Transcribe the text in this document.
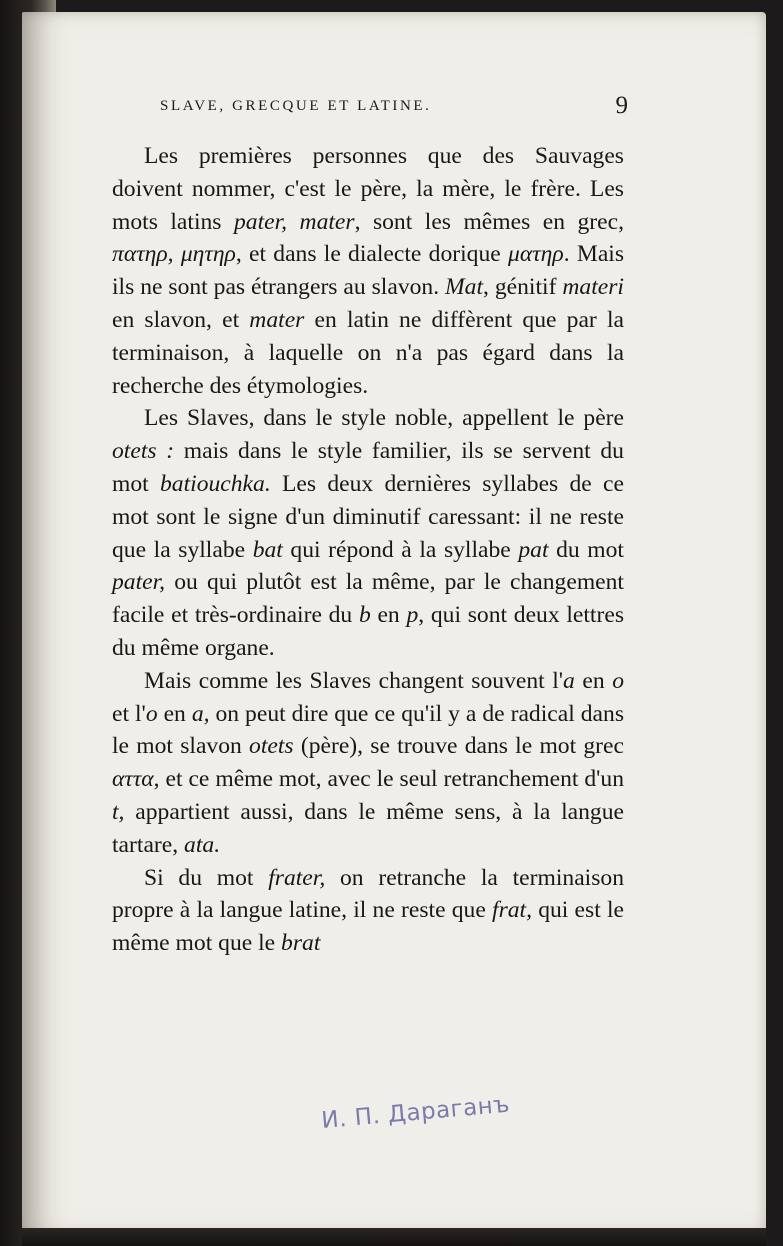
SLAVE, GRECQUE ET LATINE.	9

Les premières personnes que des Sauvages doivent nommer, c'est le père, la mère, le frère. Les mots latins pater, mater, sont les mêmes en grec, πατηρ, μητηρ, et dans le dialecte dorique ματηρ. Mais ils ne sont pas étrangers au slavon. Mat, génitif materi en slavon, et mater en latin ne diffèrent que par la terminaison, à laquelle on n'a pas égard dans la recherche des étymologies.

Les Slaves, dans le style noble, appellent le père otets : mais dans le style familier, ils se servent du mot batiouchka. Les deux dernières syllabes de ce mot sont le signe d'un diminutif caressant: il ne reste que la syllabe bat qui répond à la syllabe pat du mot pater, ou qui plutôt est la même, par le changement facile et très-ordinaire du b en p, qui sont deux lettres du même organe.

Mais comme les Slaves changent souvent l'a en o et l'o en a, on peut dire que ce qu'il y a de radical dans le mot slavon otets (père), se trouve dans le mot grec αττα, et ce même mot, avec le seul retranchement d'un t, appartient aussi, dans le même sens, à la langue tartare, ata.

Si du mot frater, on retranche la terminaison propre à la langue latine, il ne reste que frat, qui est le même mot que le brat

И. П. Дараганъ
